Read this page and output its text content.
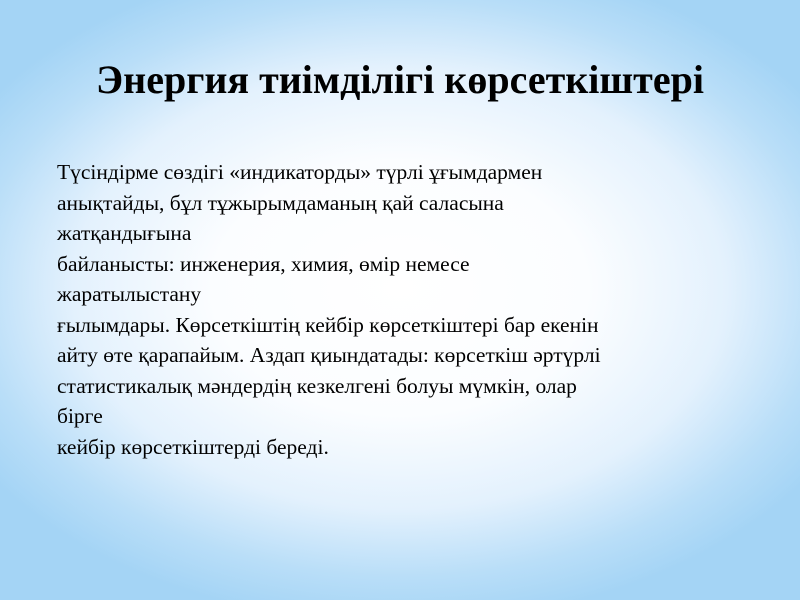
Энергия тиімділігі көрсеткіштері
Түсіндірме сөздігі «индикаторды» түрлі ұғымдармен
анықтайды, бұл тұжырымдаманың қай саласына
жатқандығына
байланысты: инженерия, химия, өмір немесе
жаратылыстану
ғылымдары. Көрсеткіштің кейбір көрсеткіштері бар екенін
айту өте қарапайым. Аздап қиындатады: көрсеткіш әртүрлі
статистикалық мәндердің кезкелгені болуы мүмкін, олар
бірге
кейбір көрсеткіштерді береді.
